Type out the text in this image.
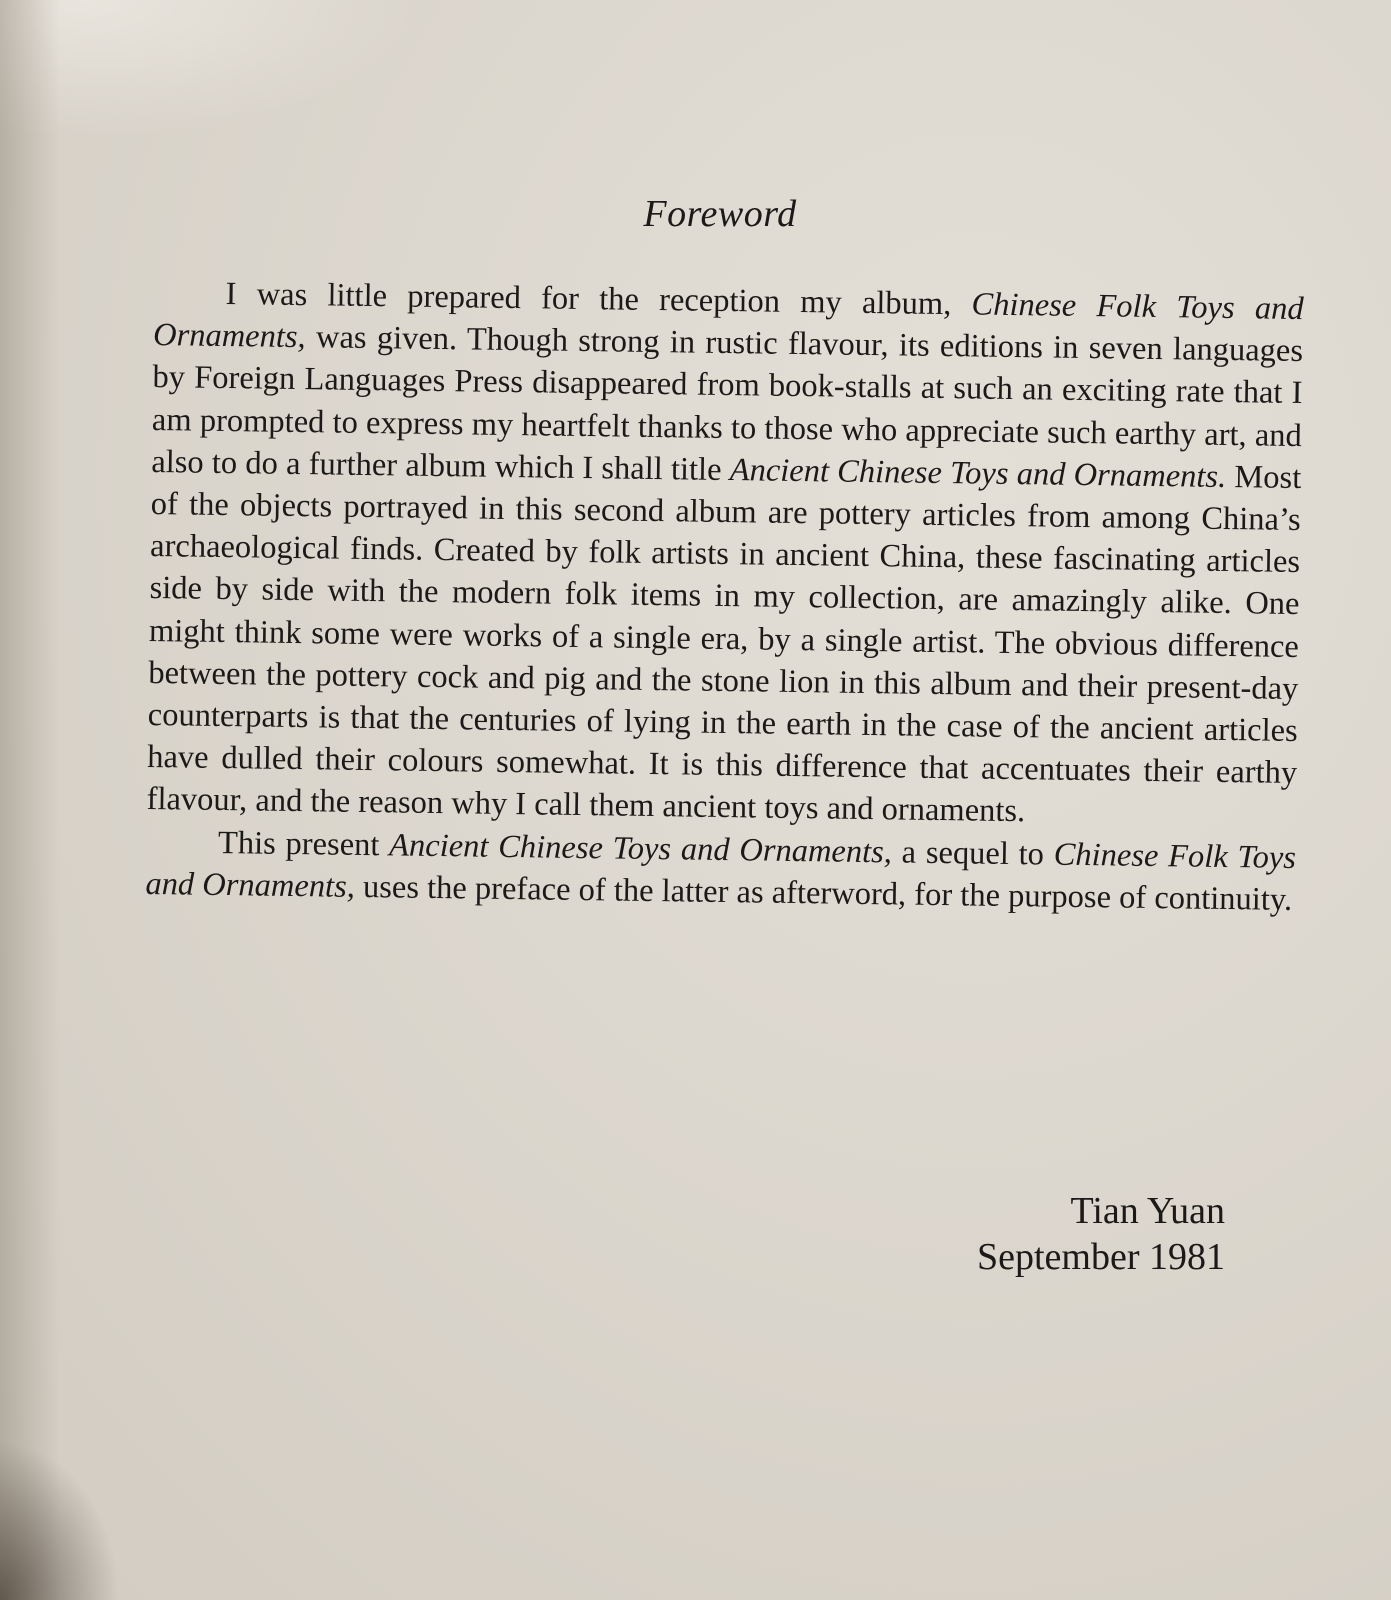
Foreword

I was little prepared for the reception my album, Chinese Folk Toys and Ornaments, was given. Though strong in rustic flavour, its editions in seven languages by Foreign Languages Press disappeared from book-stalls at such an exciting rate that I am prompted to express my heartfelt thanks to those who appreciate such earthy art, and also to do a further album which I shall title Ancient Chinese Toys and Ornaments. Most of the objects portrayed in this second album are pottery articles from among China’s archaeological finds. Created by folk artists in ancient China, these fascinating articles side by side with the modern folk items in my collection, are amazingly alike. One might think some were works of a single era, by a single artist. The obvious difference between the pottery cock and pig and the stone lion in this album and their present-day counterparts is that the centuries of lying in the earth in the case of the ancient articles have dulled their colours somewhat. It is this difference that accentuates their earthy flavour, and the reason why I call them ancient toys and ornaments.

This present Ancient Chinese Toys and Ornaments, a sequel to Chinese Folk Toys and Ornaments, uses the preface of the latter as afterword, for the purpose of continuity.

Tian Yuan
September 1981
